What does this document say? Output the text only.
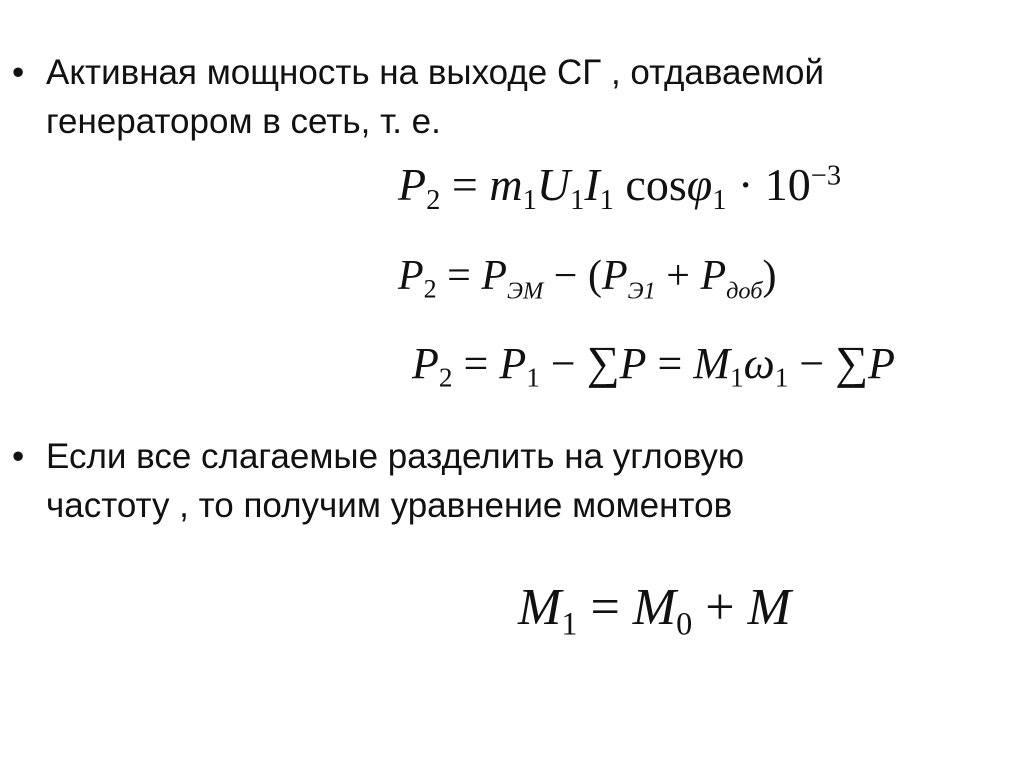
• Активная мощность на выходе СГ , отдаваемой
генератором в сеть, т. е.
$P_2 = m_1U_1I_1$ $\cos\varphi_1 \cdot 10^{-3}$
$P_2 = P_{ЭМ} - (P_{Э1} + P_{доб})$
$P_2 = P_1 - \sum P = M_1\omega_1 - \sum P$
• Если все слагаемые разделить на угловую
частоту , то получим уравнение моментов
$M_1 = M_0 + M$
